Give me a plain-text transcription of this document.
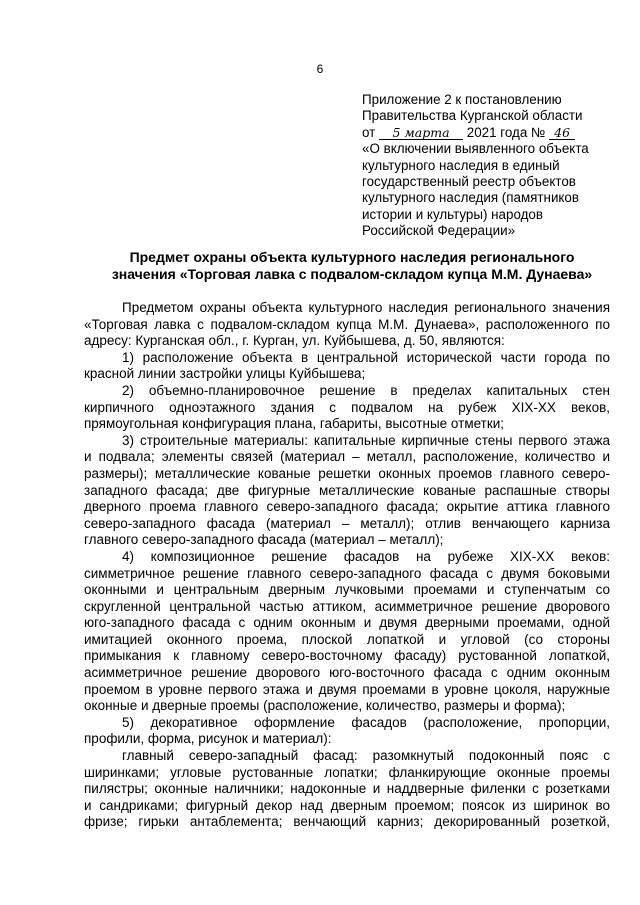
6
Приложение 2 к постановлению
Правительства Курганской области
от 5 марта 2021 года № 46
«О включении выявленного объекта
культурного наследия в единый
государственный реестр объектов
культурного наследия (памятников
истории и культуры) народов
Российской Федерации»
Предмет охраны объекта культурного наследия регионального
значения «Торговая лавка с подвалом-складом купца М.М. Дунаева»
Предметом охраны объекта культурного наследия регионального значения
«Торговая лавка с подвалом-складом купца М.М. Дунаева», расположенного по
адресу: Курганская обл., г. Курган, ул. Куйбышева, д. 50, являются:
1) расположение объекта в центральной исторической части города по
красной линии застройки улицы Куйбышева;
2) объемно-планировочное решение в пределах капитальных стен
кирпичного одноэтажного здания с подвалом на рубеж XIX-XX веков,
прямоугольная конфигурация плана, габариты, высотные отметки;
3) строительные материалы: капитальные кирпичные стены первого этажа
и подвала; элементы связей (материал – металл, расположение, количество и
размеры); металлические кованые решетки оконных проемов главного северо-
западного фасада; две фигурные металлические кованые распашные створы
дверного проема главного северо-западного фасада; окрытие аттика главного
северо-западного фасада (материал – металл); отлив венчающего карниза
главного северо-западного фасада (материал – металл);
4) композиционное решение фасадов на рубеже XIX-XX веков:
симметричное решение главного северо-западного фасада с двумя боковыми
оконными и центральным дверным лучковыми проемами и ступенчатым со
скругленной центральной частью аттиком, асимметричное решение дворового
юго-западного фасада с одним оконным и двумя дверными проемами, одной
имитацией оконного проема, плоской лопаткой и угловой (со стороны
примыкания к главному северо-восточному фасаду) рустованной лопаткой,
асимметричное решение дворового юго-восточного фасада с одним оконным
проемом в уровне первого этажа и двумя проемами в уровне цоколя, наружные
оконные и дверные проемы (расположение, количество, размеры и форма);
5) декоративное оформление фасадов (расположение, пропорции,
профили, форма, рисунок и материал):
главный северо-западный фасад: разомкнутый подоконный пояс с
ширинками; угловые рустованные лопатки; фланкирующие оконные проемы
пилястры; оконные наличники; надоконные и наддверные филенки с розетками
и сандриками; фигурный декор над дверным проемом; поясок из ширинок во
фризе; гирьки антаблемента; венчающий карниз; декорированный розеткой,
